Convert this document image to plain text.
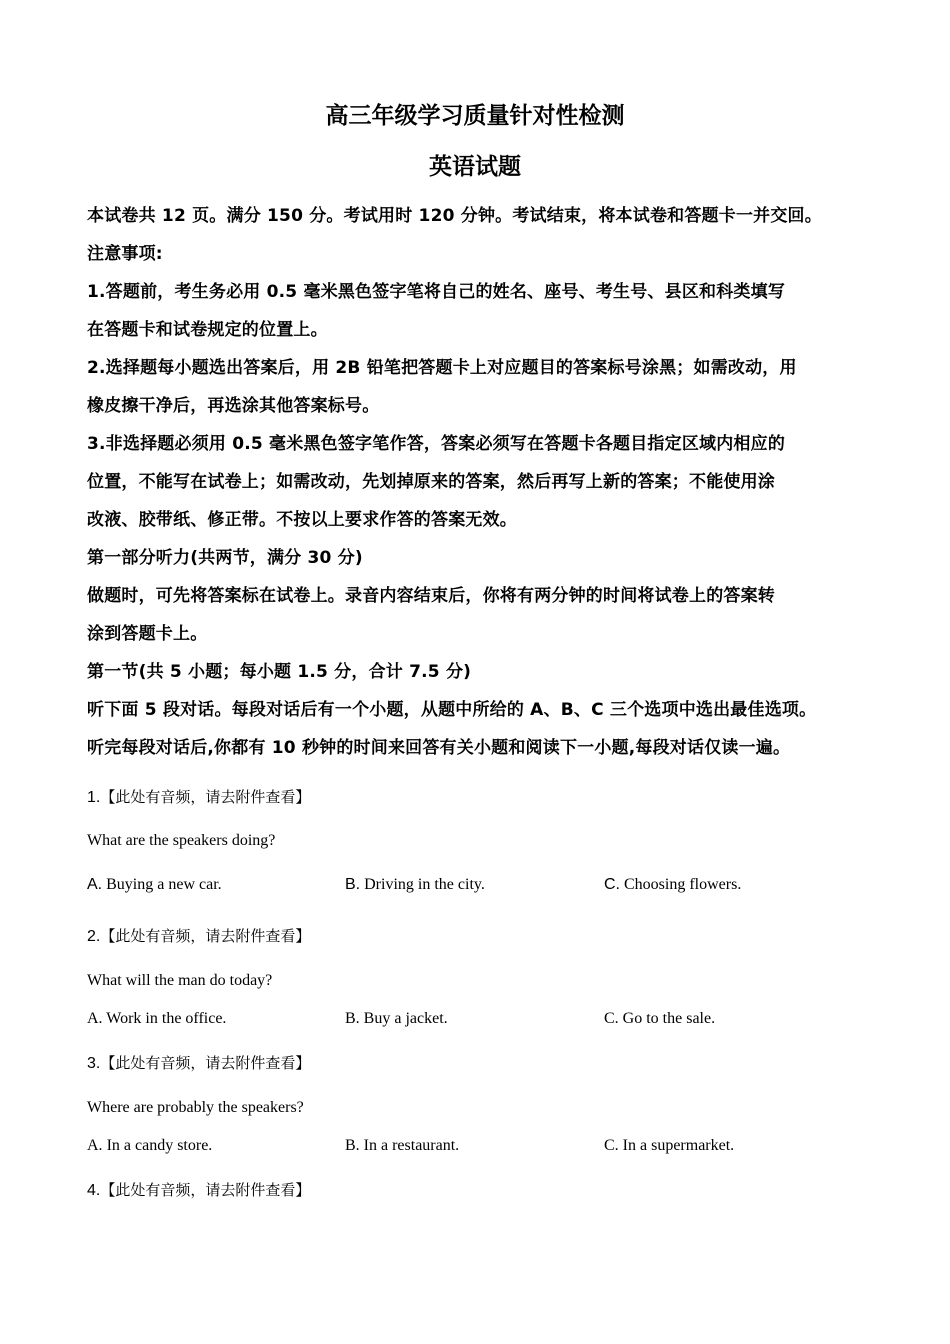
高三年级学习质量针对性检测
英语试题
本试卷共 12 页。满分 150 分。考试用时 120 分钟。考试结束，将本试卷和答题卡一并交回。
注意事项:
1.答题前，考生务必用 0.5 毫米黑色签字笔将自己的姓名、座号、考生号、县区和科类填写
在答题卡和试卷规定的位置上。
2.选择题每小题选出答案后，用 2B 铅笔把答题卡上对应题目的答案标号涂黑；如需改动，用
橡皮擦干净后，再选涂其他答案标号。
3.非选择题必须用 0.5 毫米黑色签字笔作答，答案必须写在答题卡各题目指定区域内相应的
位置，不能写在试卷上；如需改动，先划掉原来的答案，然后再写上新的答案；不能使用涂
改液、胶带纸、修正带。不按以上要求作答的答案无效。
第一部分听力(共两节，满分 30 分)
做题时，可先将答案标在试卷上。录音内容结束后，你将有两分钟的时间将试卷上的答案转
涂到答题卡上。
第一节(共 5 小题；每小题 1.5 分，合计 7.5 分)
听下面 5 段对话。每段对话后有一个小题，从题中所给的 A、B、C 三个选项中选出最佳选项。
听完每段对话后,你都有 10 秒钟的时间来回答有关小题和阅读下一小题,每段对话仅读一遍。
1.【此处有音频，请去附件查看】
What are the speakers doing?
A. Buying a new car.	B. Driving in the city.	C. Choosing flowers.
2.【此处有音频，请去附件查看】
What will the man do today?
A. Work in the office.	B. Buy a jacket.	C. Go to the sale.
3.【此处有音频，请去附件查看】
Where are probably the speakers?
A. In a candy store.	B. In a restaurant.	C. In a supermarket.
4.【此处有音频，请去附件查看】
